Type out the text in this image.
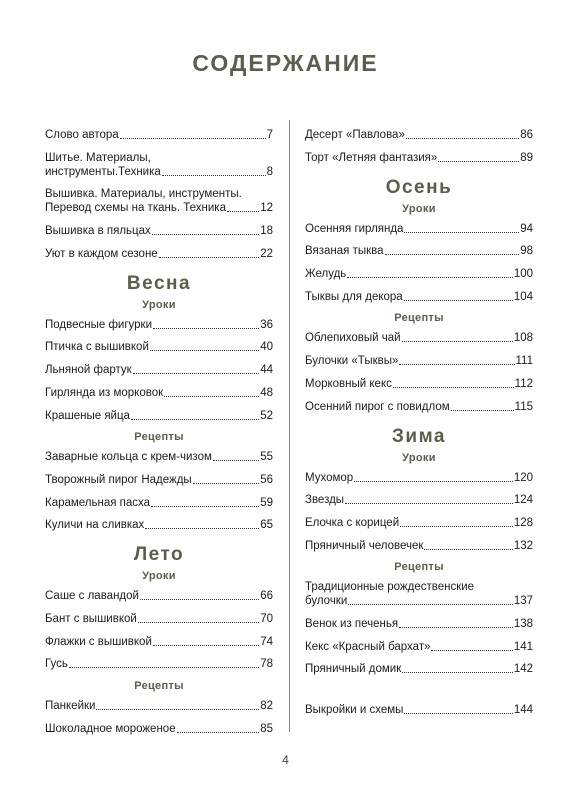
СОДЕРЖАНИЕ
Слово автора	7
Шитье. Материалы,
инструменты.Техника	8
Вышивка. Материалы, инструменты.
Перевод схемы на ткань. Техника	12
Вышивка в пяльцах	18
Уют в каждом сезоне	22
Весна
Уроки
Подвесные фигурки	36
Птичка с вышивкой	40
Льняной фартук	44
Гирлянда из морковок	48
Крашеные яйца	52
Рецепты
Заварные кольца с крем-чизом	55
Творожный пирог Надежды	56
Карамельная пасха	59
Куличи на сливках	65
Лето
Уроки
Саше с лавандой	66
Бант с вышивкой	70
Флажки с вышивкой	74
Гусь	78
Рецепты
Панкейки	82
Шоколадное мороженое	85
Десерт «Павлова»	86
Торт «Летняя фантазия»	89
Осень
Уроки
Осенняя гирлянда	94
Вязаная тыква	98
Желудь	100
Тыквы для декора	104
Рецепты
Облепиховый чай	108
Булочки «Тыквы»	111
Морковный кекс	112
Осенний пирог с повидлом	115
Зима
Уроки
Мухомор	120
Звезды	124
Елочка с корицей	128
Пряничный человечек	132
Рецепты
Традиционные рождественские
булочки	137
Венок из печенья	138
Кекс «Красный бархат»	141
Пряничный домик	142
Выкройки и схемы	144
4
